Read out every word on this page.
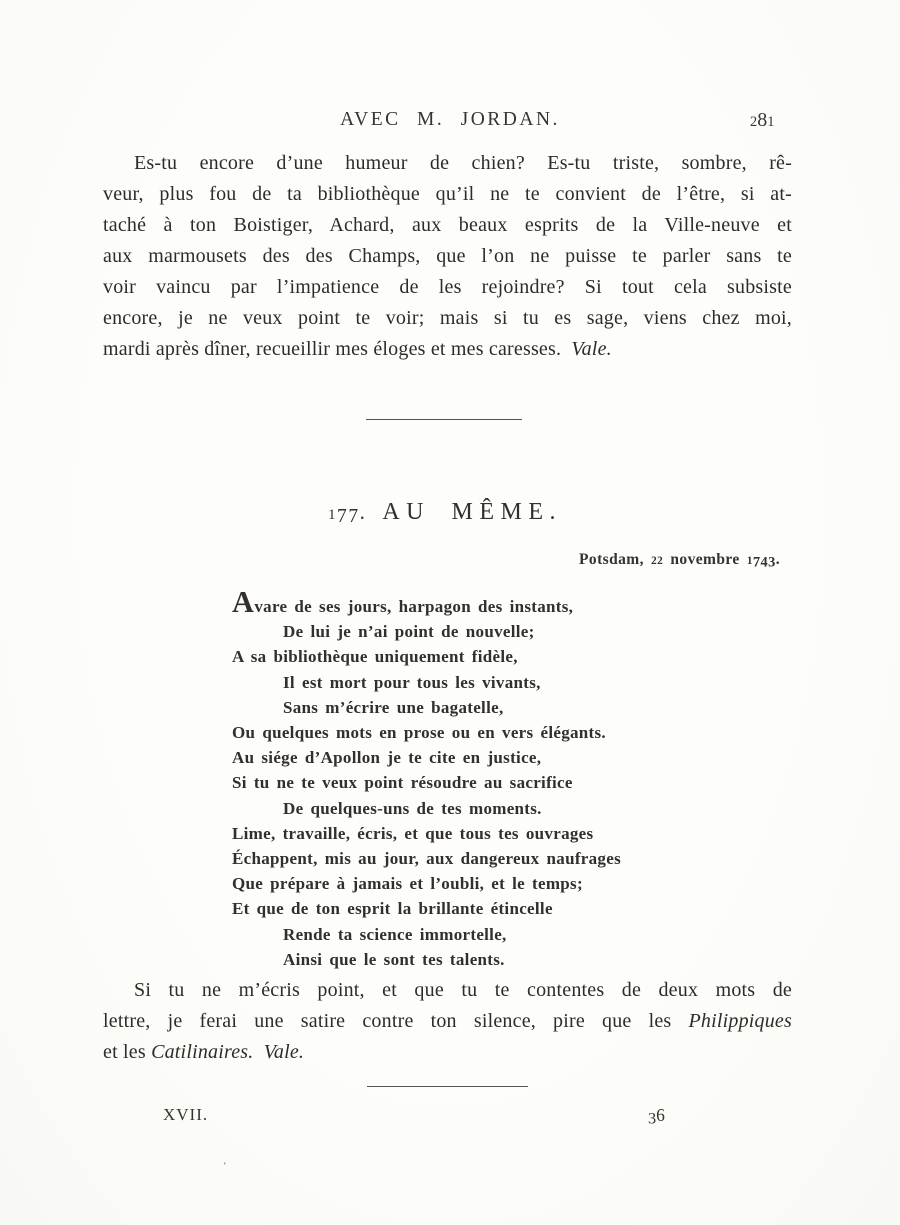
AVEC M. JORDAN.	281
Es-tu encore d’une humeur de chien? Es-tu triste, sombre, rê-
veur, plus fou de ta bibliothèque qu’il ne te convient de l’être, si at-
taché à ton Boistiger, Achard, aux beaux esprits de la Ville-neuve et
aux marmousets des des Champs, que l’on ne puisse te parler sans te
voir vaincu par l’impatience de les rejoindre? Si tout cela subsiste
encore, je ne veux point te voir; mais si tu es sage, viens chez moi,
mardi après dîner, recueillir mes éloges et mes caresses. Vale.
177. AU MÊME.
Potsdam, 22 novembre 1743.
Avare de ses jours, harpagon des instants,
De lui je n’ai point de nouvelle;
A sa bibliothèque uniquement fidèle,
Il est mort pour tous les vivants,
Sans m’écrire une bagatelle,
Ou quelques mots en prose ou en vers élégants.
Au siége d’Apollon je te cite en justice,
Si tu ne te veux point résoudre au sacrifice
De quelques-uns de tes moments.
Lime, travaille, écris, et que tous tes ouvrages
Échappent, mis au jour, aux dangereux naufrages
Que prépare à jamais et l’oubli, et le temps;
Et que de ton esprit la brillante étincelle
Rende ta science immortelle,
Ainsi que le sont tes talents.
Si tu ne m’écris point, et que tu te contentes de deux mots de
lettre, je ferai une satire contre ton silence, pire que les Philippiques
et les Catilinaires.  Vale.
XVII.	36
‘
